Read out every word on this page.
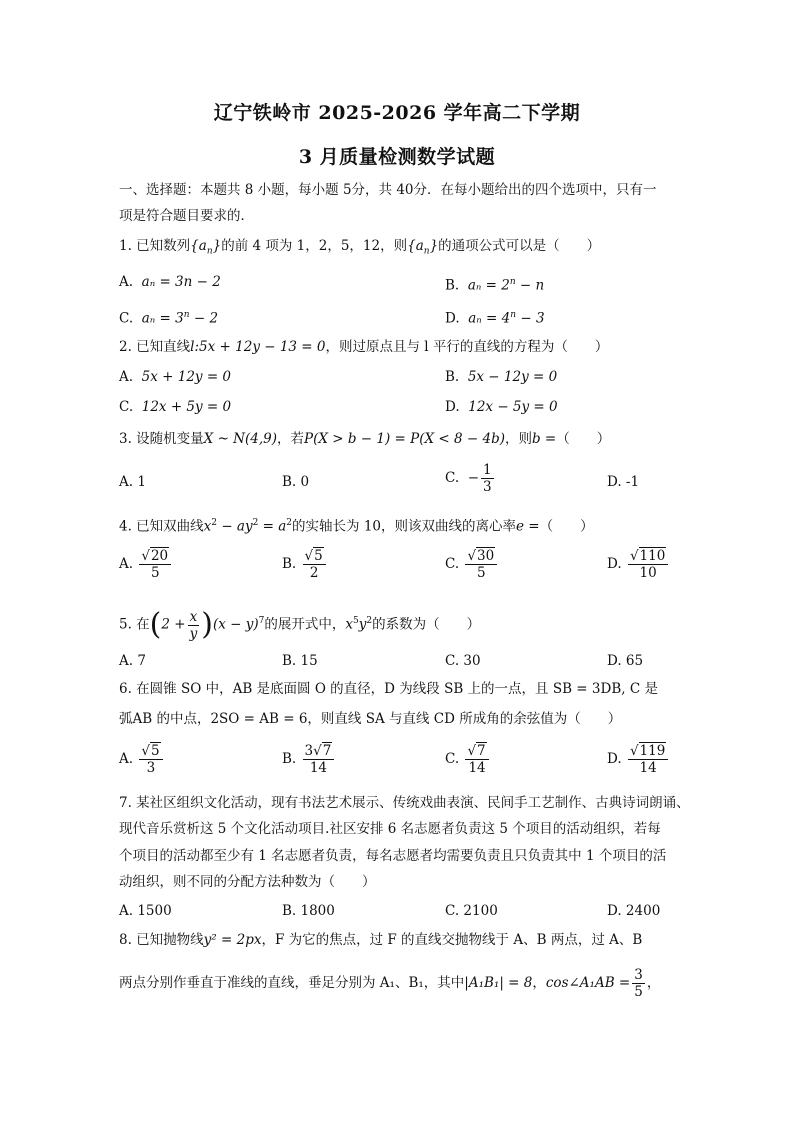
辽宁铁岭市 2025-2026 学年高二下学期
3 月质量检测数学试题
一、选择题：本题共 8 小题，每小题 5分，共 40分．在每小题给出的四个选项中，只有一
项是符合题目要求的．
1. 已知数列$\{a_n\}$的前 4 项为 1，2，5，12，则$\{a_n\}$的通项公式可以是（　　）
A. aₙ = 3n − 2	B. $a_n = 2^n - n$
C. $a_n = 3^n - 2$	D. $a_n = 4^n - 3$
2. 已知直线l:5x + 12y − 13 = 0，则过原点且与 l 平行的直线的方程为（　　）
A. 5x + 12y = 0	B. 5x − 12y = 0
C. 12x + 5y = 0	D. 12x − 5y = 0
3. 设随机变量X ~ N(4,9)，若P(X > b − 1) = P(X < 8 − 4b)，则b =（　　）
A. 1	B. 0	C. − $\frac{1}{3}$	D. -1
4. 已知双曲线$x^2 - ay^2 = a^2$的实轴长为 10，则该双曲线的离心率e =（　　）
A. $\frac{√20}{5}$	B. $\frac{√5}{2}$	C. $\frac{√30}{5}$	D. $\frac{√110}{10}$
5. 在$(2 + \frac{x}{y} )(x - y)^7$的展开式中，$x^5y^2$的系数为（　　）
A. 7	B. 15	C. 30	D. 65
6. 在圆锥 SO 中，AB 是底面圆 O 的直径，D 为线段 SB 上的一点，且 SB = 3DB, C 是
弧AB 的中点，2SO = AB = 6，则直线 SA 与直线 CD 所成角的余弦值为（　　）
A. $\frac{√5}{3}$	B. $\frac{3√7}{14}$	C. $\frac{√7}{14}$	D. $\frac{√119}{14}$
7. 某社区组织文化活动，现有书法艺术展示、传统戏曲表演、民间手工艺制作、古典诗词朗诵、
现代音乐赏析这 5 个文化活动项目.社区安排 6 名志愿者负责这 5 个项目的活动组织，若每
个项目的活动都至少有 1 名志愿者负责，每名志愿者均需要负责且只负责其中 1 个项目的活
动组织，则不同的分配方法种数为（　　）
A. 1500	B. 1800	C. 2100	D. 2400
8. 已知抛物线y² = 2px，F 为它的焦点，过 F 的直线交抛物线于 A、B 两点，过 A、B
两点分别作垂直于准线的直线，垂足分别为 A₁、B₁，其中|A₁B₁| = 8，cos∠A₁AB = $\frac{3}{5}$ ，
